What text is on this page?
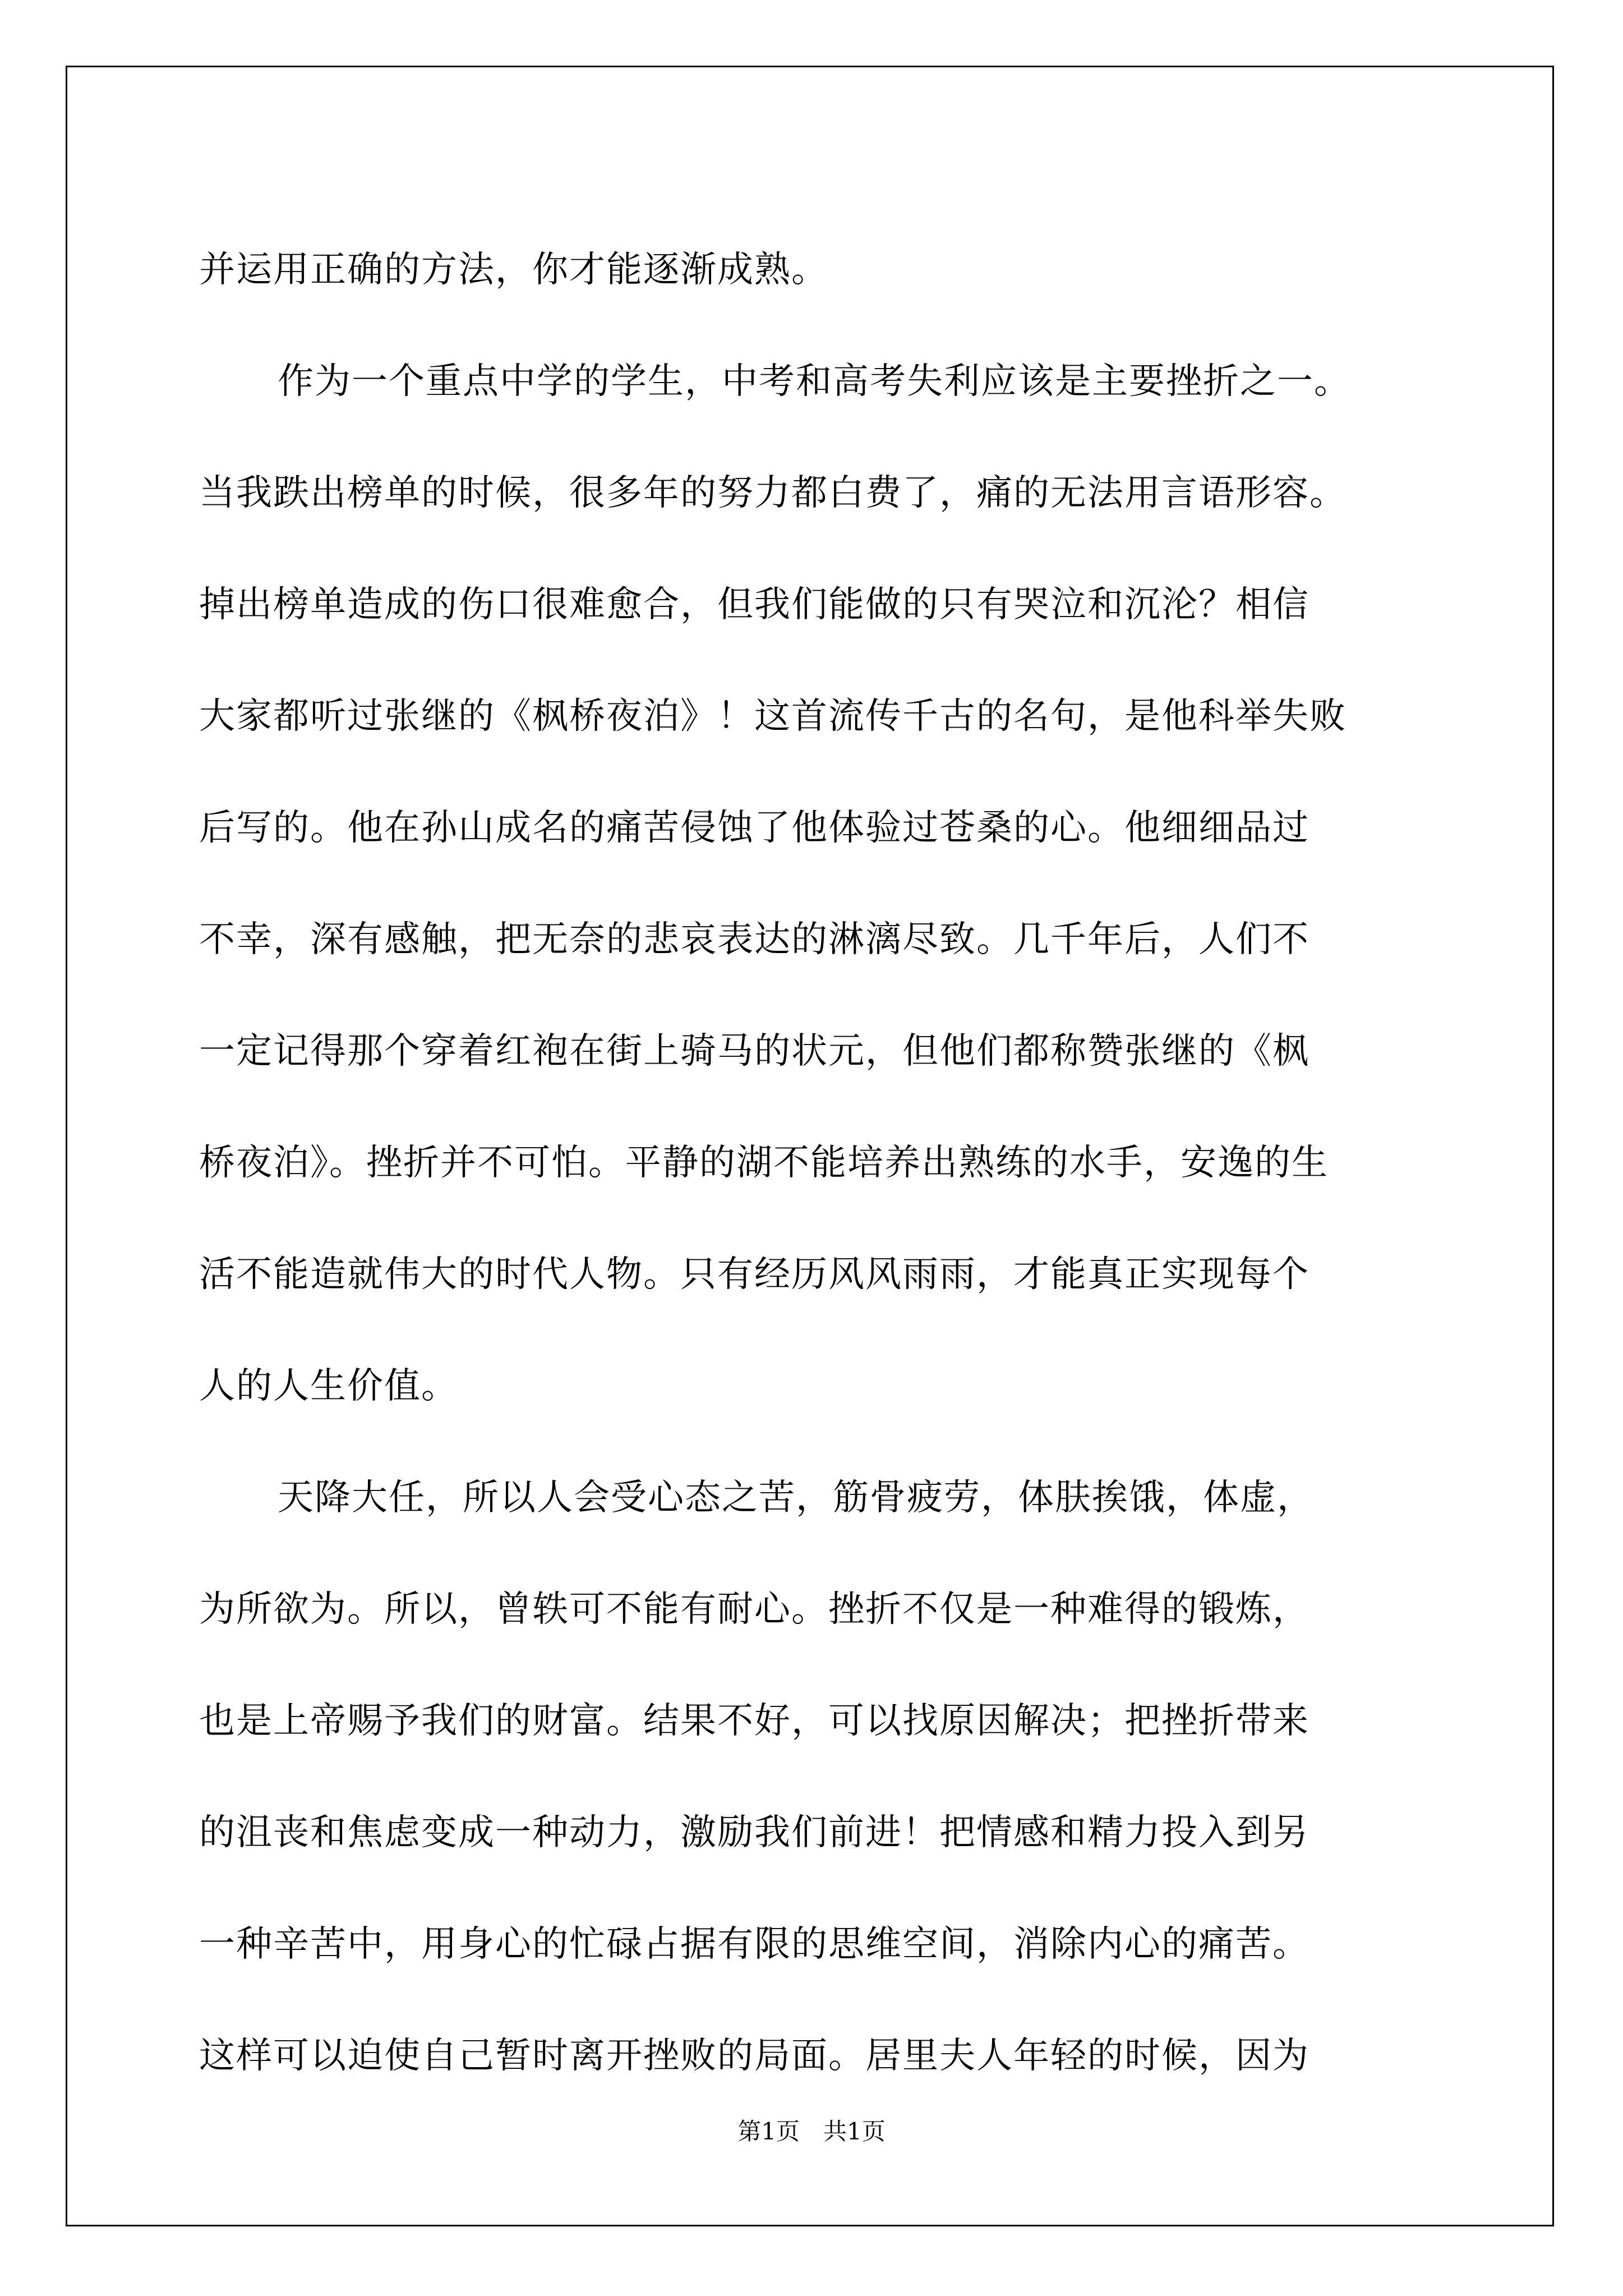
并运用正确的方法，你才能逐渐成熟。
作为一个重点中学的学生，中考和高考失利应该是主要挫折之一。
当我跌出榜单的时候，很多年的努力都白费了，痛的无法用言语形容。
掉出榜单造成的伤口很难愈合，但我们能做的只有哭泣和沉沦？相信
大家都听过张继的《枫桥夜泊》！这首流传千古的名句，是他科举失败
后写的。他在孙山成名的痛苦侵蚀了他体验过苍桑的心。他细细品过
不幸，深有感触，把无奈的悲哀表达的淋漓尽致。几千年后，人们不
一定记得那个穿着红袍在街上骑马的状元，但他们都称赞张继的《枫
桥夜泊》。挫折并不可怕。平静的湖不能培养出熟练的水手，安逸的生
活不能造就伟大的时代人物。只有经历风风雨雨，才能真正实现每个
人的人生价值。
天降大任，所以人会受心态之苦，筋骨疲劳，体肤挨饿，体虚，
为所欲为。所以，曾轶可不能有耐心。挫折不仅是一种难得的锻炼，
也是上帝赐予我们的财富。结果不好，可以找原因解决；把挫折带来
的沮丧和焦虑变成一种动力，激励我们前进！把情感和精力投入到另
一种辛苦中，用身心的忙碌占据有限的思维空间，消除内心的痛苦。
这样可以迫使自己暂时离开挫败的局面。居里夫人年轻的时候，因为
第1页　共1页
